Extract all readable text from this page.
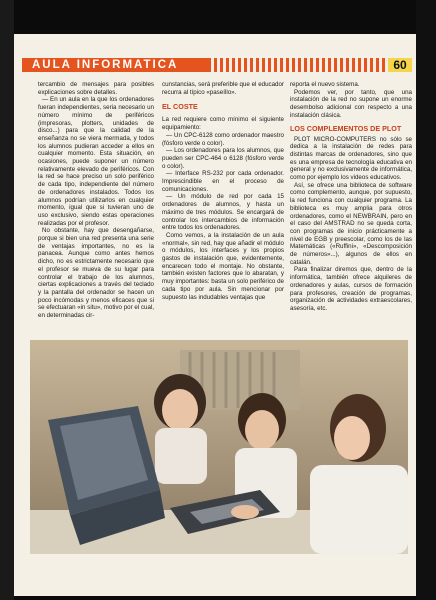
AULA INFORMATICA	60

tercambio de mensajes para posibles explicaciones sobre detalles.

— En un aula en la que los ordenadores fueran independientes, seria necesario un número mínimo de periféricos (impresoras, plotters, unidades de disco...) para que la calidad de la enseñanza no se viera mermada, y todos los alumnos pudieran acceder a ellos en cualquier momento. Esta situación, en ocasiones, puede suponer un número relativamente elevado de periféricos. Con la red se hace preciso un solo periférico de cada tipo, independiente del número de ordenadores instalados. Todos los alumnos podrían utilizarlos en cualquier momento, igual que si tuvieran uno de uso exclusivo, siendo estas operaciones realizadas por el profesor.

No obstante, hay que desengañarse, porque si bien una red presenta una serie de ventajas importantes, no es la panacea. Aunque como antes hemos dicho, no es estrictamente necesario que el profesor se mueva de su lugar para controlar el trabajo de los alumnos, ciertas explicaciones a través del teclado y la pantalla del ordenador se hacen un poco incómodas y menos eficaces que si se efectuaran «in situ», motivo por el cual, en determinadas cir-

cunstancias, será preferible que el educador recurra al típico «paseíllo».

EL COSTE

La red requiere como mínimo el siguiente equipamiento:

— Un CPC-6128 como ordenador maestro (fósforo verde o color).

— Los ordenadores para los alumnos, que pueden ser CPC-464 o 6128 (fósforo verde o color).

— Interface RS-232 por cada ordenador. Imprescindible en el proceso de comunicaciones.

— Un módulo de red por cada 15 ordenadores de alumnos, y hasta un máximo de tres módulos. Se encargará de controlar los intercambios de información entre todos los ordenadores.

Como vemos, a la instalación de un aula «normal», sin red, hay que añadir el módulo o módulos, los interfaces y los propios gastos de instalación que, evidentemente, encarecen todo el montaje. No obstante, también existen factores que lo abaratan, y muy importantes: basta un solo periférico de cada tipo por aula. Sin mencionar por supuesto las indudables ventajas que

reporta el nuevo sistema.

Podemos ver, por tanto, que una instalación de la red no supone un enorme desembolso adicional con respecto a una instalación clásica.

LOS COMPLEMENTOS DE PLOT

PLOT MICRO-COMPUTERS no sólo se dedica a la instalación de redes para distintas marcas de ordenadores, sino que es una empresa de tecnología educativa en general y no exclusivamente de informática, como por ejemplo los videos educativos.

Así, se ofrece una biblioteca de software como complemento, aunque, por supuesto, la red funciona con cualquier programa. La biblioteca es muy amplia para otros ordenadores, como el NEWBRAIN, pero en el caso del AMSTRAD no se queda corta, con programas de inicio prácticamente a nivel de EGB y preescolar, como los de las Matemáticas («Ruffini», «Descomposición de números»...), algunos de ellos en catalán.

Para finalizar diremos que, dentro de la informática, también ofrece alquileres de ordenadores y aulas, cursos de formación para profesores, creación de programas, organización de actividades extraescolares, asesoría, etc.
